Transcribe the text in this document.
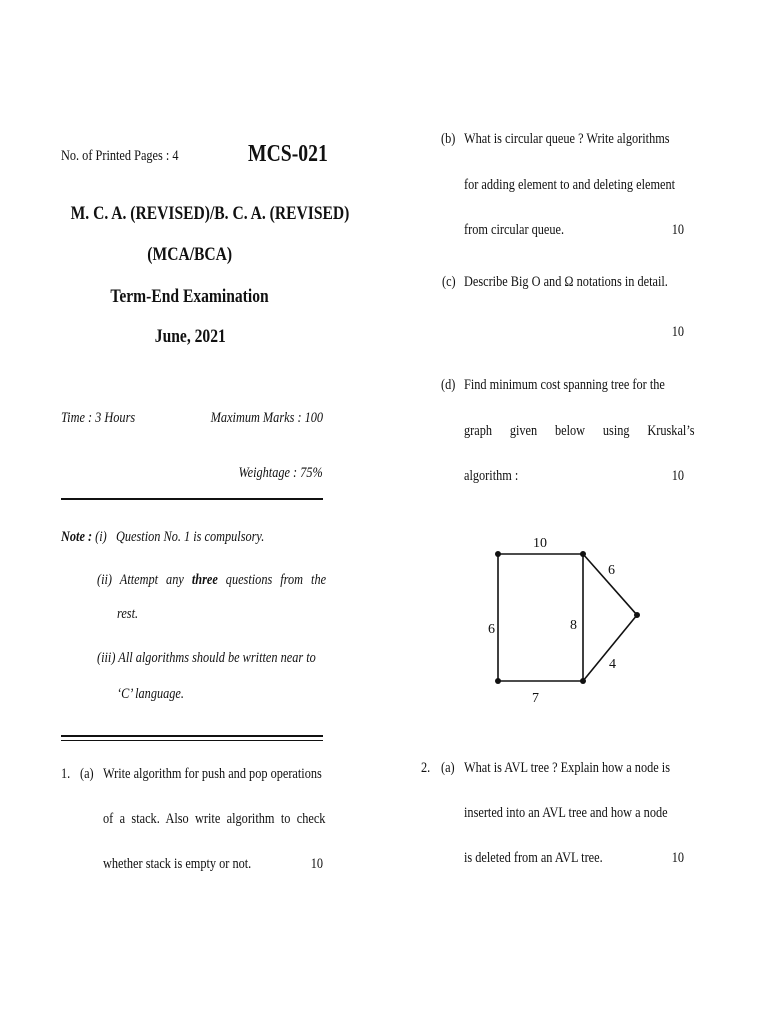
No. of Printed Pages : 4	MCS-021
M. C. A. (REVISED)/B. C. A. (REVISED)
(MCA/BCA)
Term-End Examination
June, 2021
Time : 3 Hours	Maximum Marks : 100
Weightage : 75%
Note : (i) Question No. 1 is compulsory.
(ii) Attempt any three questions from the
rest.
(iii) All algorithms should be written near to
‘C’ language.
1. (a) Write algorithm for push and pop operations
of a stack. Also write algorithm to check
whether stack is empty or not.	10
(b) What is circular queue ? Write algorithms
for adding element to and deleting element
from circular queue.	10
(c) Describe Big O and Ω notations in detail.
10
(d) Find minimum cost spanning tree for the
graph given below using Kruskal’s
algorithm :	10
10
6	8
7
6
4
2. (a) What is AVL tree ? Explain how a node is
inserted into an AVL tree and how a node
is deleted from an AVL tree.	10
